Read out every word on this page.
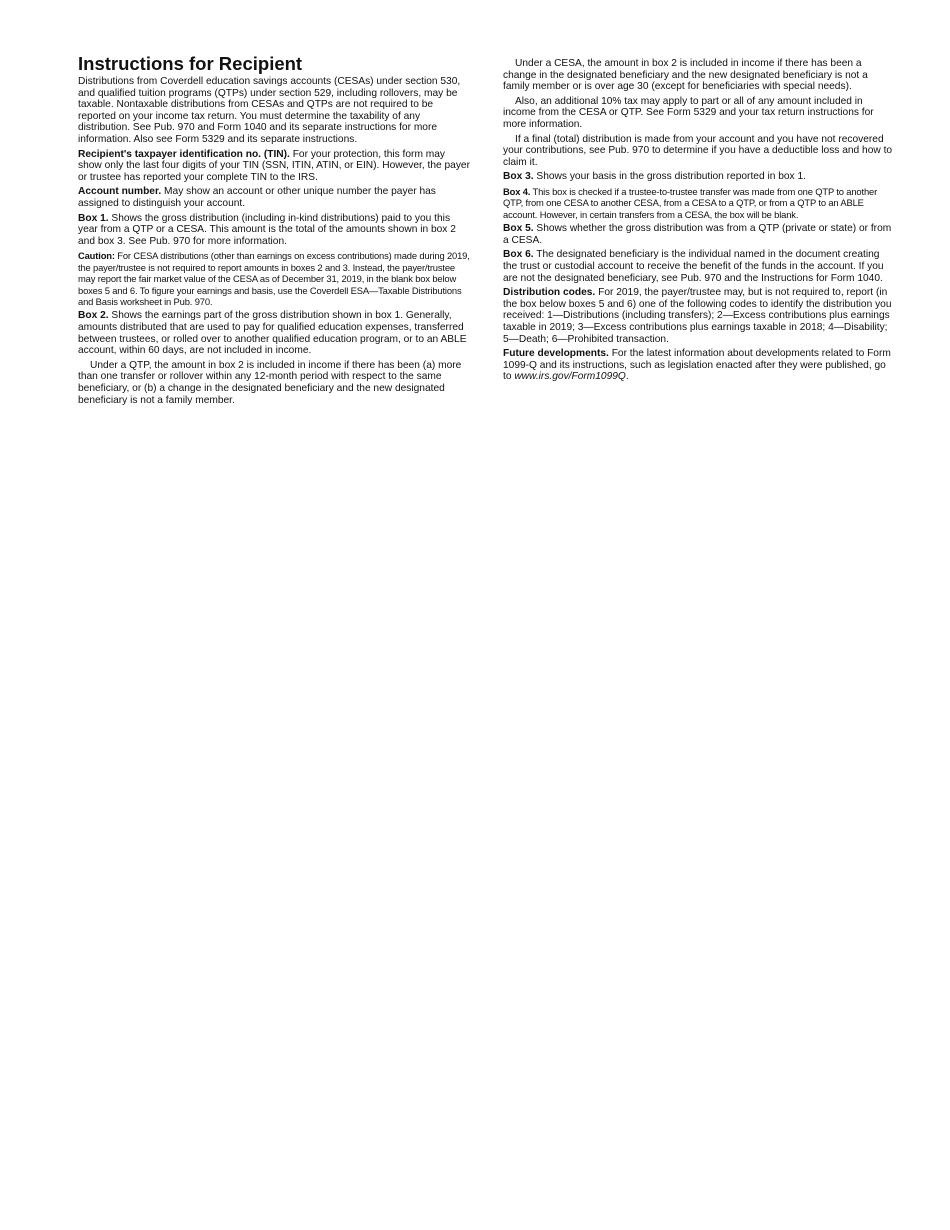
Instructions for Recipient

Distributions from Coverdell education savings accounts (CESAs) under section 530, and qualified tuition programs (QTPs) under section 529, including rollovers, may be taxable. Nontaxable distributions from CESAs and QTPs are not required to be reported on your income tax return. You must determine the taxability of any distribution. See Pub. 970 and Form 1040 and its separate instructions for more information. Also see Form 5329 and its separate instructions.

Recipient's taxpayer identification no. (TIN). For your protection, this form may show only the last four digits of your TIN (SSN, ITIN, ATIN, or EIN). However, the payer or trustee has reported your complete TIN to the IRS.

Account number. May show an account or other unique number the payer has assigned to distinguish your account.

Box 1. Shows the gross distribution (including in-kind distributions) paid to you this year from a QTP or a CESA. This amount is the total of the amounts shown in box 2 and box 3. See Pub. 970 for more information.

Caution: For CESA distributions (other than earnings on excess contributions) made during 2019, the payer/trustee is not required to report amounts in boxes 2 and 3. Instead, the payer/trustee may report the fair market value of the CESA as of December 31, 2019, in the blank box below boxes 5 and 6. To figure your earnings and basis, use the Coverdell ESA—Taxable Distributions and Basis worksheet in Pub. 970.

Box 2. Shows the earnings part of the gross distribution shown in box 1. Generally, amounts distributed that are used to pay for qualified education expenses, transferred between trustees, or rolled over to another qualified education program, or to an ABLE account, within 60 days, are not included in income.

Under a QTP, the amount in box 2 is included in income if there has been (a) more than one transfer or rollover within any 12-month period with respect to the same beneficiary, or (b) a change in the designated beneficiary and the new designated beneficiary is not a family member.

Under a CESA, the amount in box 2 is included in income if there has been a change in the designated beneficiary and the new designated beneficiary is not a family member or is over age 30 (except for beneficiaries with special needs).

Also, an additional 10% tax may apply to part or all of any amount included in income from the CESA or QTP. See Form 5329 and your tax return instructions for more information.

If a final (total) distribution is made from your account and you have not recovered your contributions, see Pub. 970 to determine if you have a deductible loss and how to claim it.

Box 3. Shows your basis in the gross distribution reported in box 1.

Box 4. This box is checked if a trustee-to-trustee transfer was made from one QTP to another QTP, from one CESA to another CESA, from a CESA to a QTP, or from a QTP to an ABLE account. However, in certain transfers from a CESA, the box will be blank.

Box 5. Shows whether the gross distribution was from a QTP (private or state) or from a CESA.

Box 6. The designated beneficiary is the individual named in the document creating the trust or custodial account to receive the benefit of the funds in the account. If you are not the designated beneficiary, see Pub. 970 and the Instructions for Form 1040.

Distribution codes. For 2019, the payer/trustee may, but is not required to, report (in the box below boxes 5 and 6) one of the following codes to identify the distribution you received: 1—Distributions (including transfers); 2—Excess contributions plus earnings taxable in 2019; 3—Excess contributions plus earnings taxable in 2018; 4—Disability; 5—Death; 6—Prohibited transaction.

Future developments. For the latest information about developments related to Form 1099-Q and its instructions, such as legislation enacted after they were published, go to www.irs.gov/Form1099Q.
